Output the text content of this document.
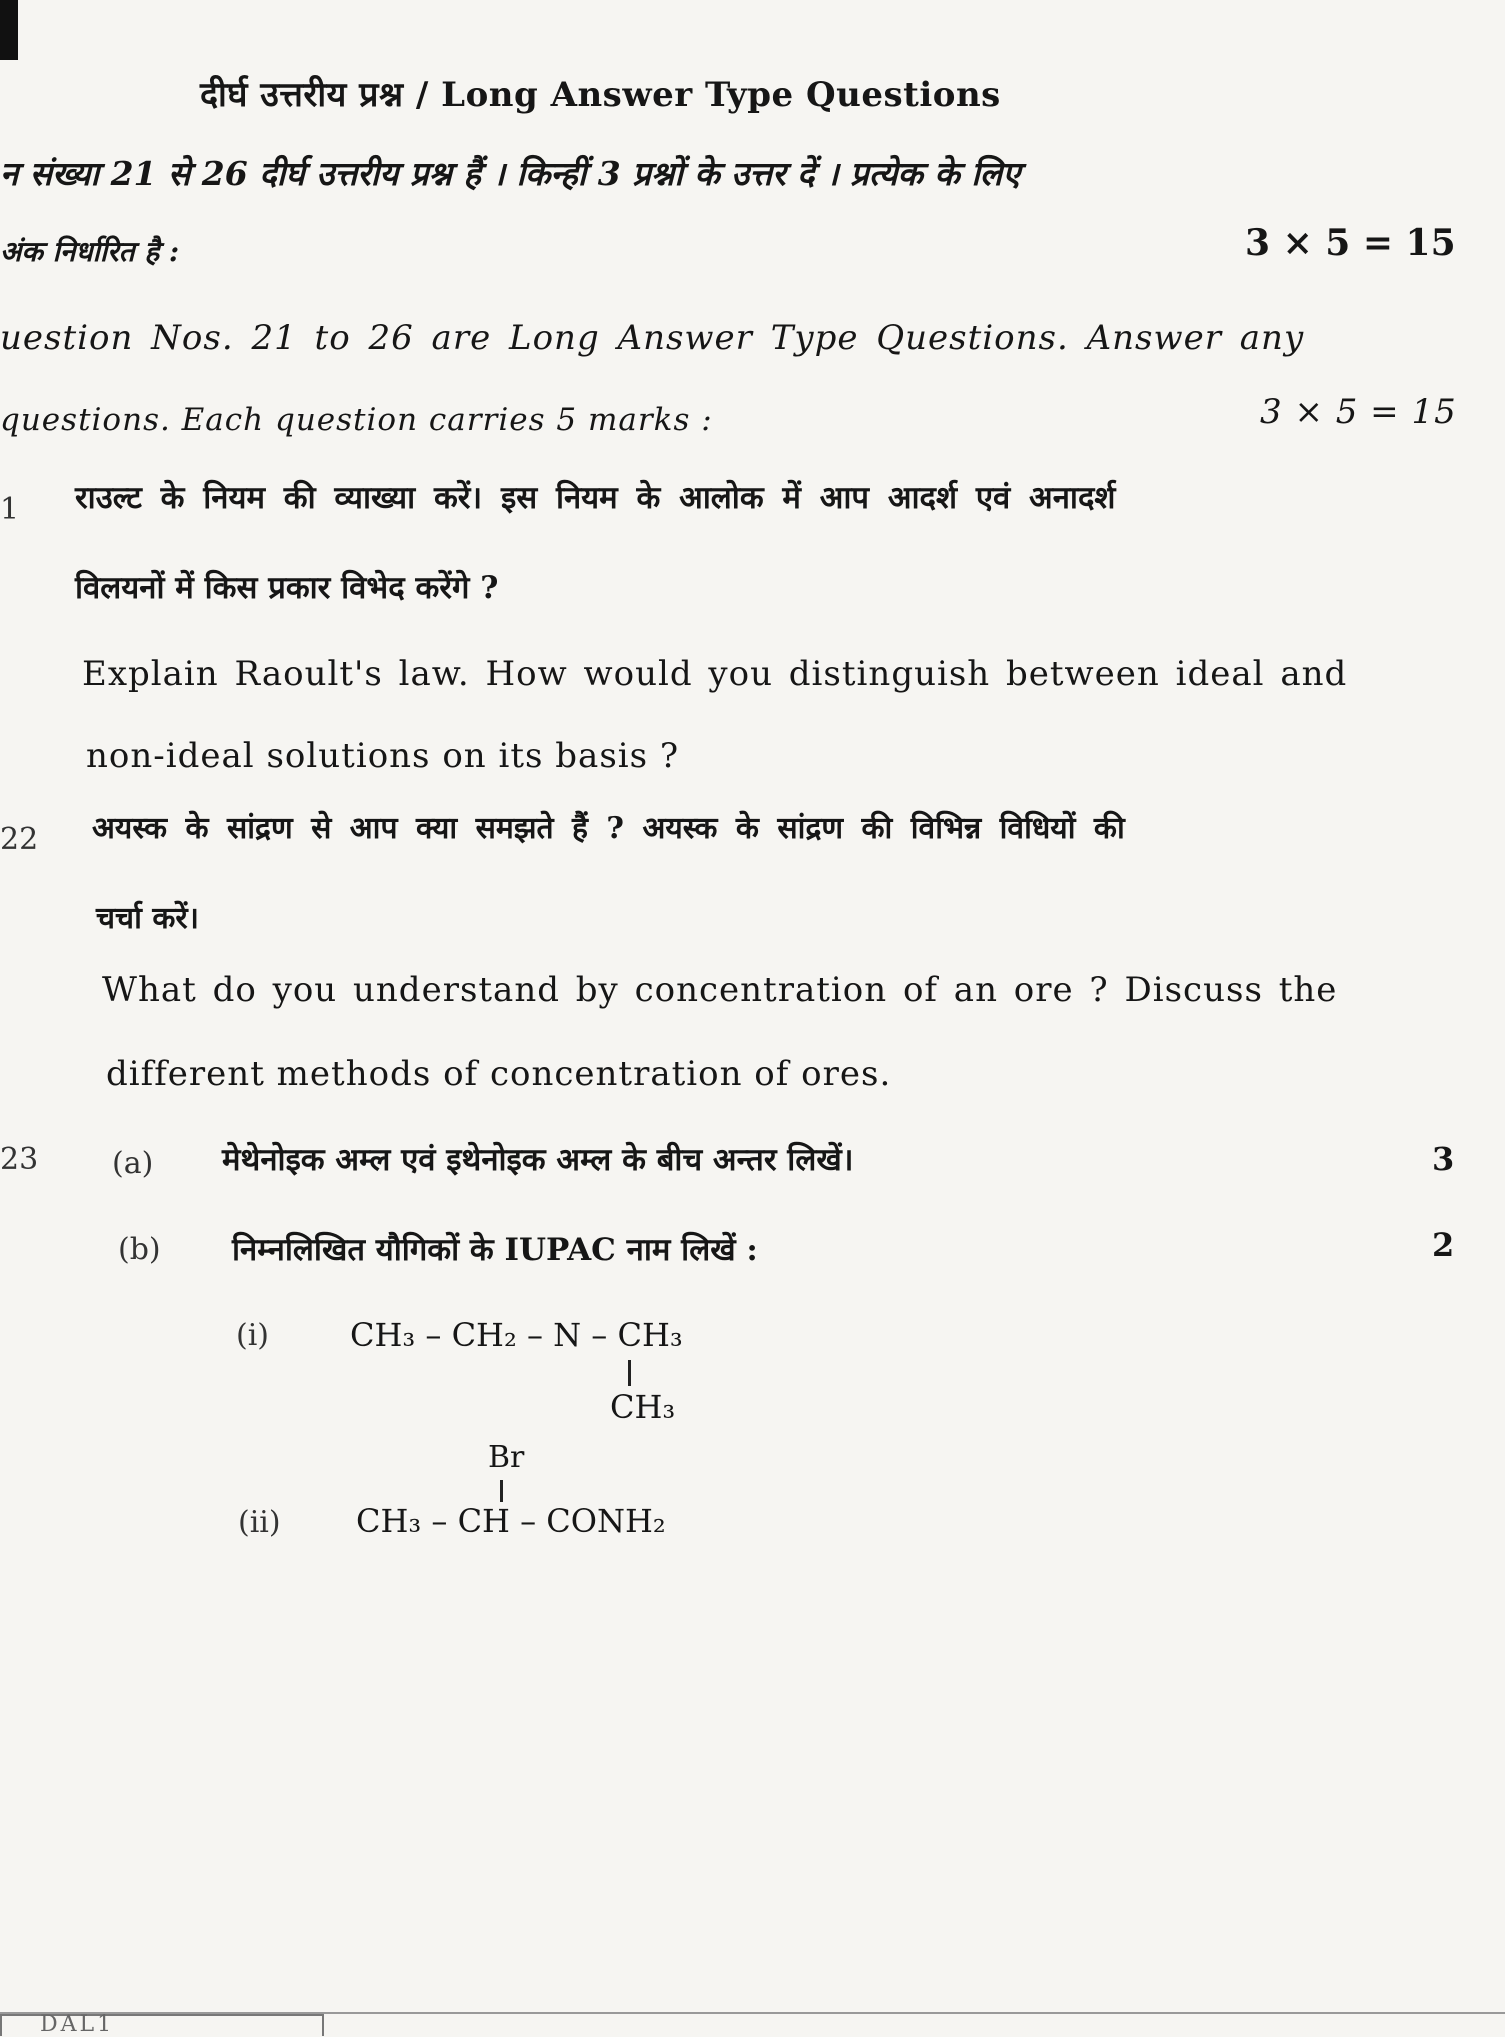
दीर्घ उत्तरीय प्रश्न / Long Answer Type Questions
न संख्या 21 से 26 दीर्घ उत्तरीय प्रश्न हैं । किन्हीं 3 प्रश्नों के उत्तर दें । प्रत्येक के लिए
अंक निर्धारित है :	3 × 5 = 15
uestion Nos. 21 to 26 are Long Answer Type Questions. Answer any
questions. Each question carries 5 marks :	3 × 5 = 15
1 राउल्ट के नियम की व्याख्या करें। इस नियम के आलोक में आप आदर्श एवं अनादर्श
विलयनों में किस प्रकार विभेद करेंगे ?
Explain Raoult's law. How would you distinguish between ideal and
non-ideal solutions on its basis ?
22 अयस्क के सांद्रण से आप क्या समझते हैं ? अयस्क के सांद्रण की विभिन्न विधियों की
चर्चा करें।
What do you understand by concentration of an ore ? Discuss the
different methods of concentration of ores.
23 (a) मेथेनोइक अम्ल एवं इथेनोइक अम्ल के बीच अन्तर लिखें।	3
(b) निम्नलिखित यौगिकों के IUPAC नाम लिखें :	2
(i)	CH₃ – CH₂ – N – CH₃
CH₃
Br
(ii) CH₃ – CH – CONH₂
DAL1
